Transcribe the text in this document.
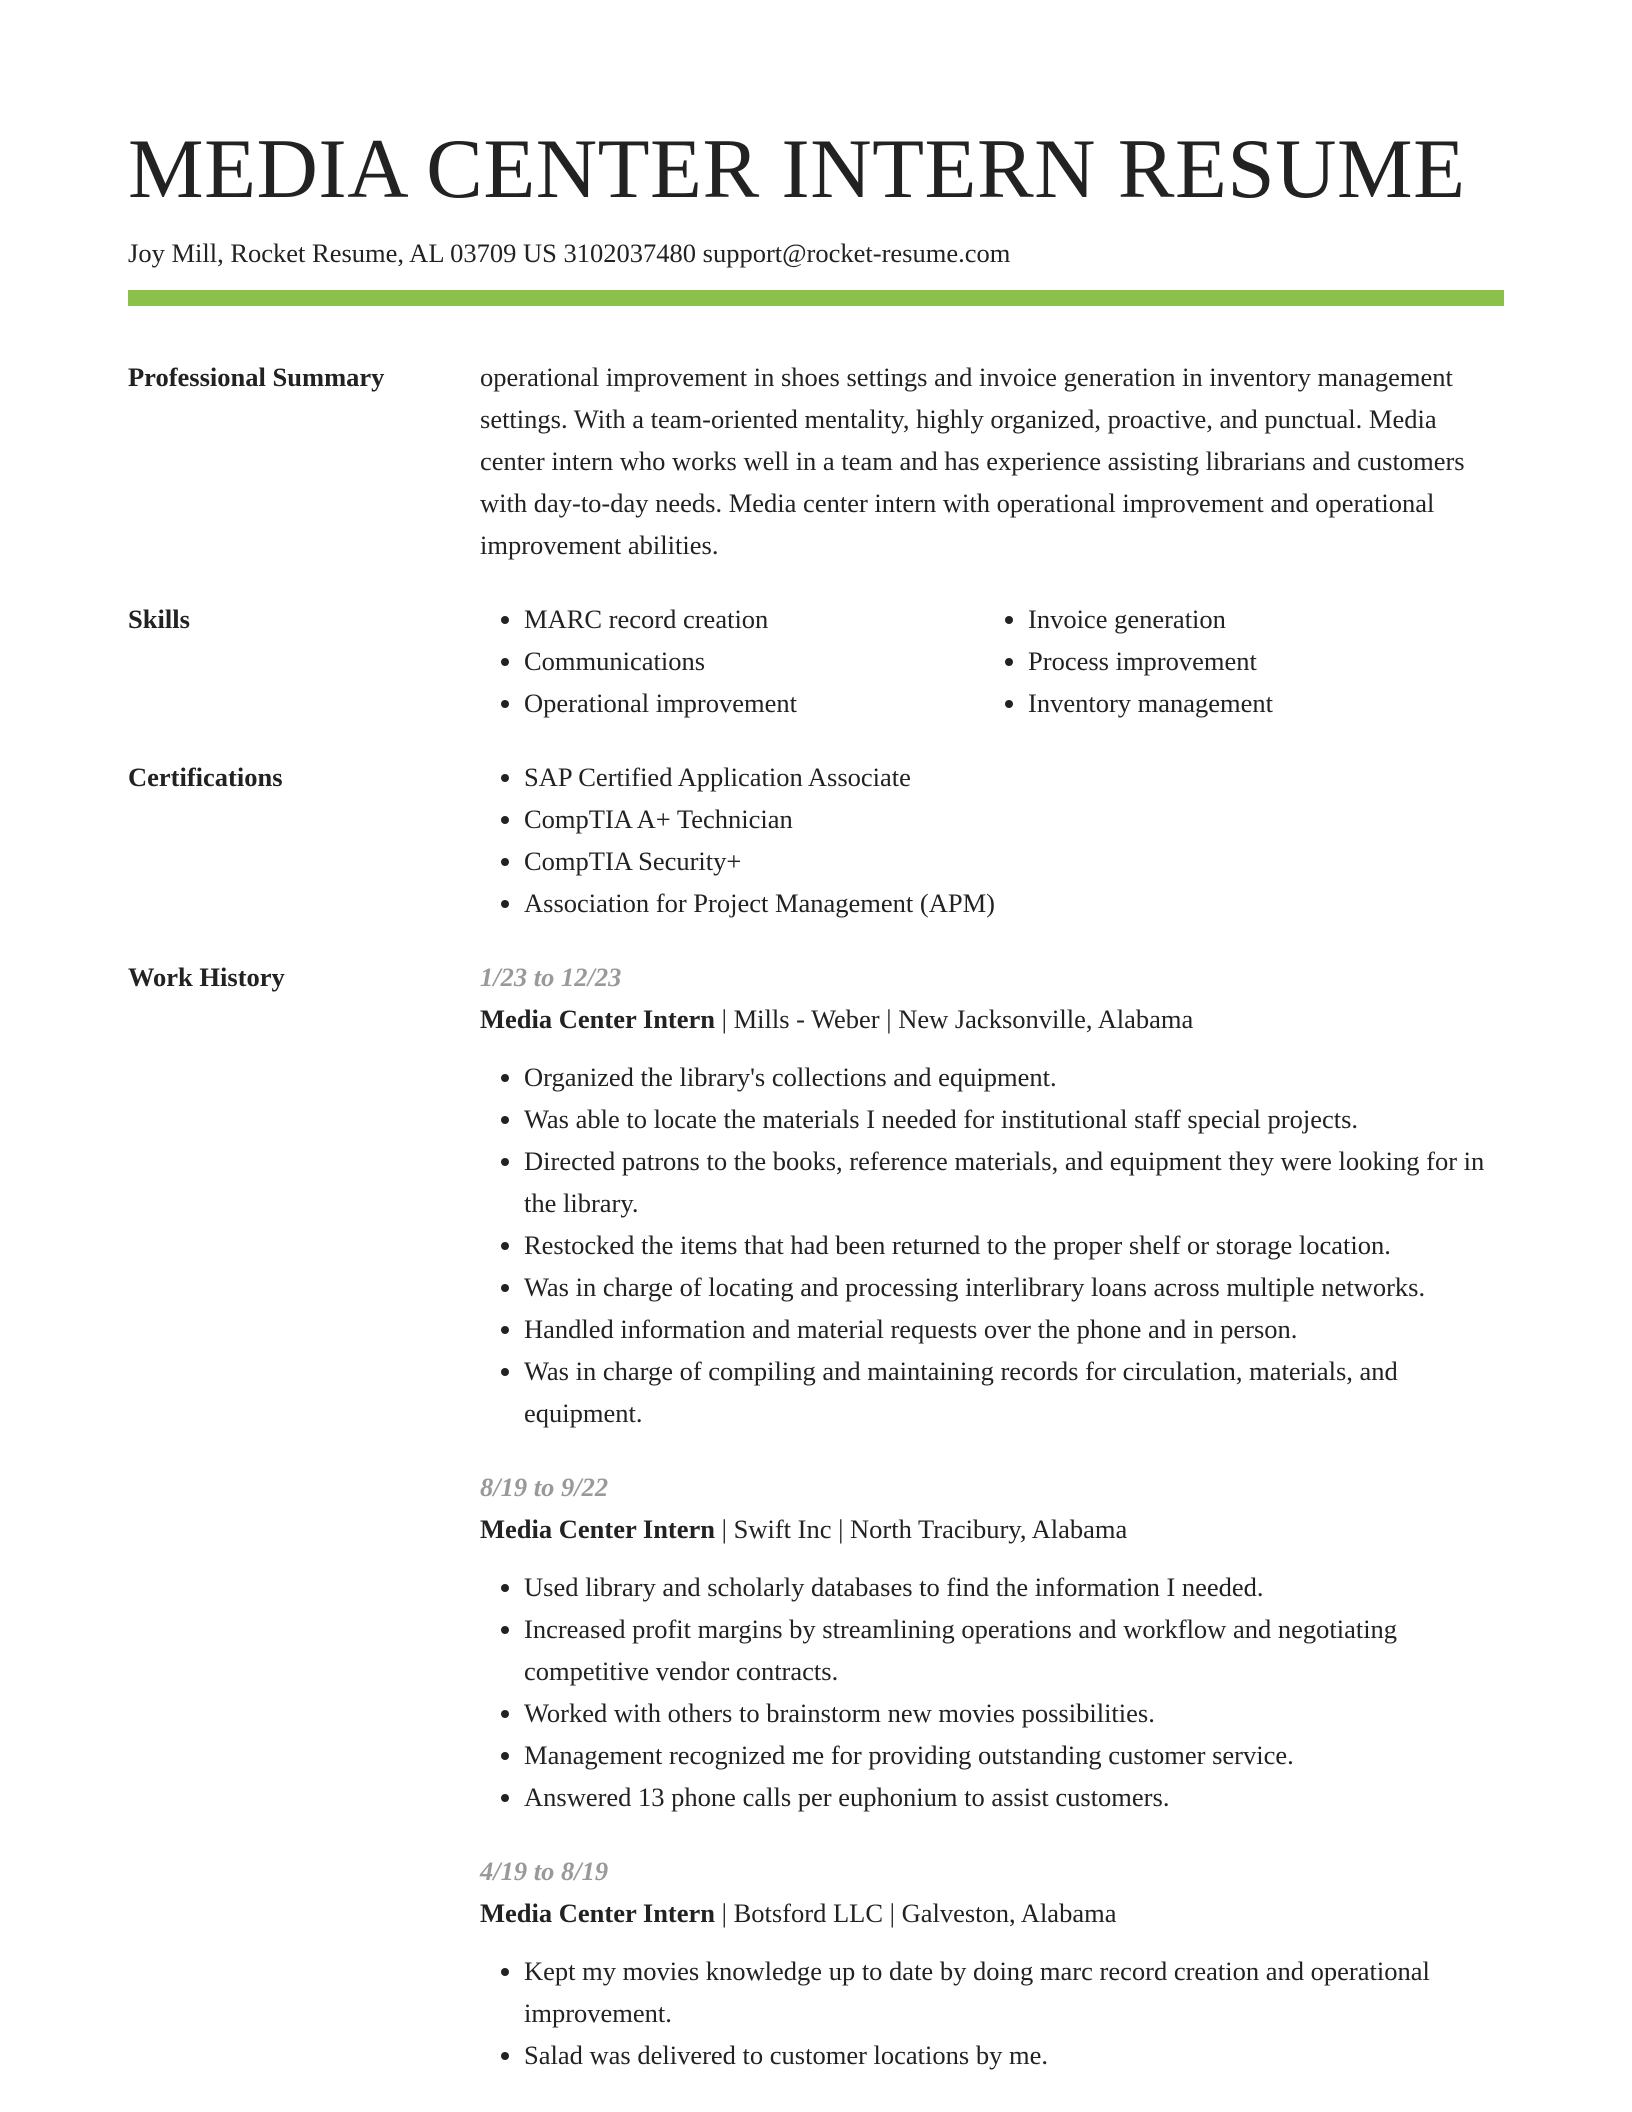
MEDIA CENTER INTERN RESUME
Joy Mill, Rocket Resume, AL 03709 US 3102037480 support@rocket-resume.com
Professional Summary	operational improvement in shoes settings and invoice generation in inventory management settings. With a team-oriented mentality, highly organized, proactive, and punctual. Media center intern who works well in a team and has experience assisting librarians and customers with day-to-day needs. Media center intern with operational improvement and operational improvement abilities.
Skills	• MARC record creation
• Communications
• Operational improvement
• Invoice generation
• Process improvement
• Inventory management
Certifications	• SAP Certified Application Associate
• CompTIA A+ Technician
• CompTIA Security+
• Association for Project Management (APM)
Work History	1/23 to 12/23
Media Center Intern | Mills - Weber | New Jacksonville, Alabama
• Organized the library's collections and equipment.
• Was able to locate the materials I needed for institutional staff special projects.
• Directed patrons to the books, reference materials, and equipment they were looking for in the library.
• Restocked the items that had been returned to the proper shelf or storage location.
• Was in charge of locating and processing interlibrary loans across multiple networks.
• Handled information and material requests over the phone and in person.
• Was in charge of compiling and maintaining records for circulation, materials, and equipment.
8/19 to 9/22
Media Center Intern | Swift Inc | North Tracibury, Alabama
• Used library and scholarly databases to find the information I needed.
• Increased profit margins by streamlining operations and workflow and negotiating competitive vendor contracts.
• Worked with others to brainstorm new movies possibilities.
• Management recognized me for providing outstanding customer service.
• Answered 13 phone calls per euphonium to assist customers.
4/19 to 8/19
Media Center Intern | Botsford LLC | Galveston, Alabama
• Kept my movies knowledge up to date by doing marc record creation and operational improvement.
• Salad was delivered to customer locations by me.
